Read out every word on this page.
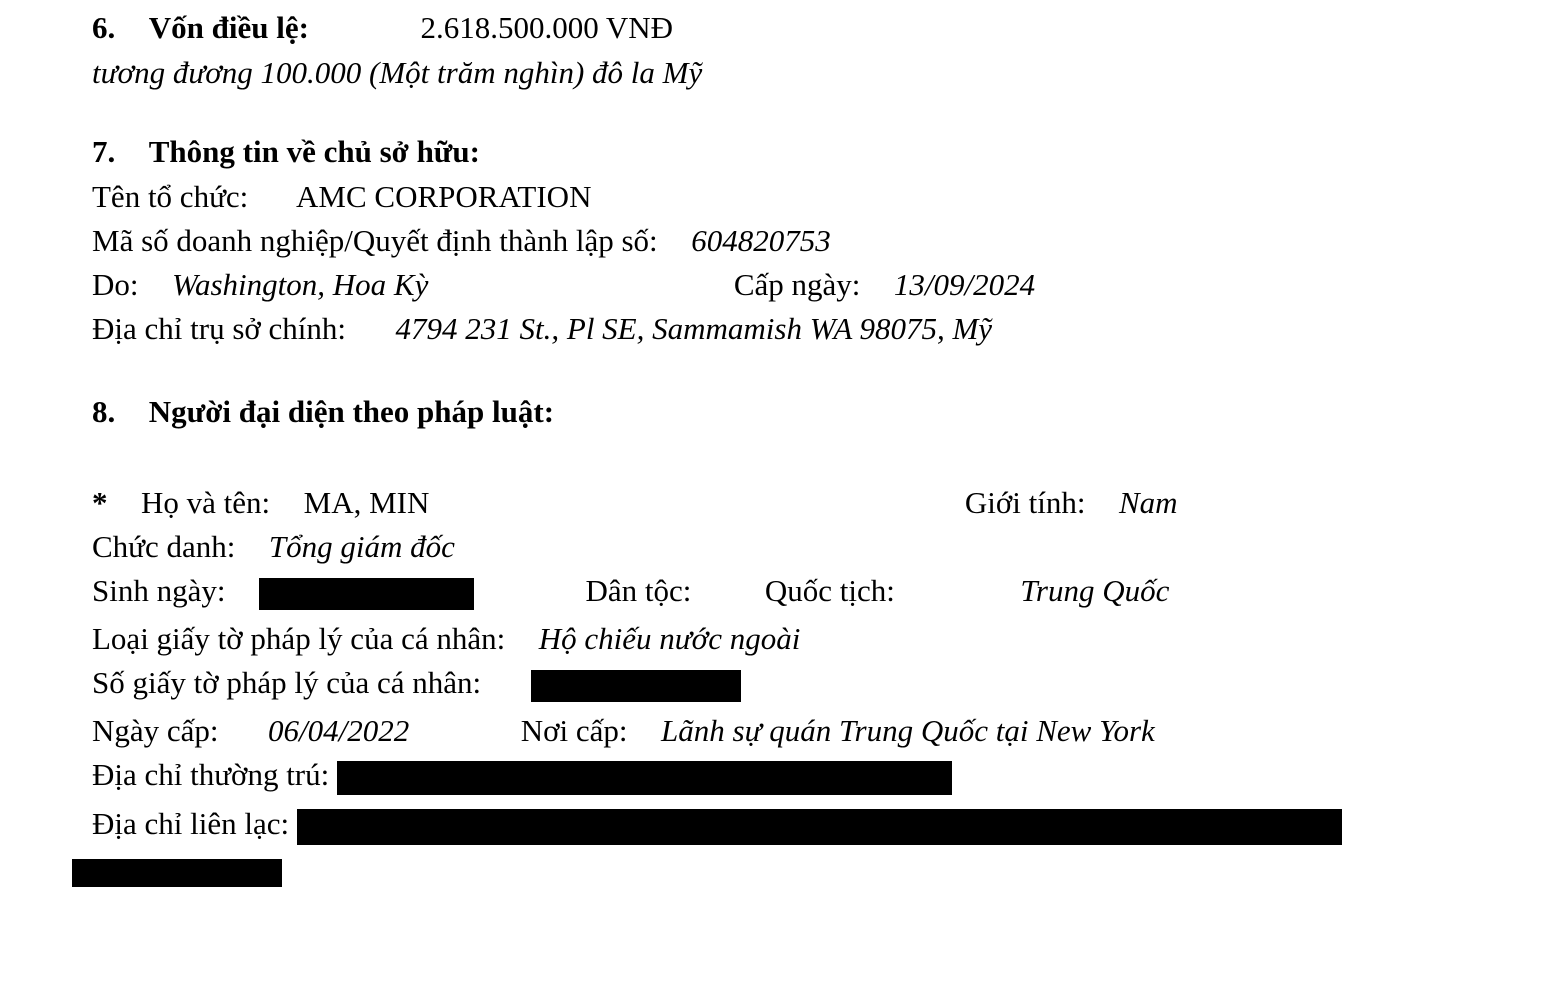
6. Vốn điều lệ:	2.618.500.000 VNĐ
tương đương 100.000 (Một trăm nghìn) đô la Mỹ
7. Thông tin về chủ sở hữu:
Tên tổ chức: AMC CORPORATION
Mã số doanh nghiệp/Quyết định thành lập số: 604820753
Do: Washington, Hoa Kỳ	Cấp ngày: 13/09/2024
Địa chỉ trụ sở chính: 4794 231 St., Pl SE, Sammamish WA 98075, Mỹ
8. Người đại diện theo pháp luật:
* Họ và tên: MA, MIN	Giới tính: Nam
Chức danh: Tổng giám đốc
Sinh ngày:	Dân tộc: Quốc tịch:	Trung Quốc
Loại giấy tờ pháp lý của cá nhân: Hộ chiếu nước ngoài
Số giấy tờ pháp lý của cá nhân:
Ngày cấp: 06/04/2022	Nơi cấp: Lãnh sự quán Trung Quốc tại New York
Địa chỉ thường trú:
Địa chỉ liên lạc:
